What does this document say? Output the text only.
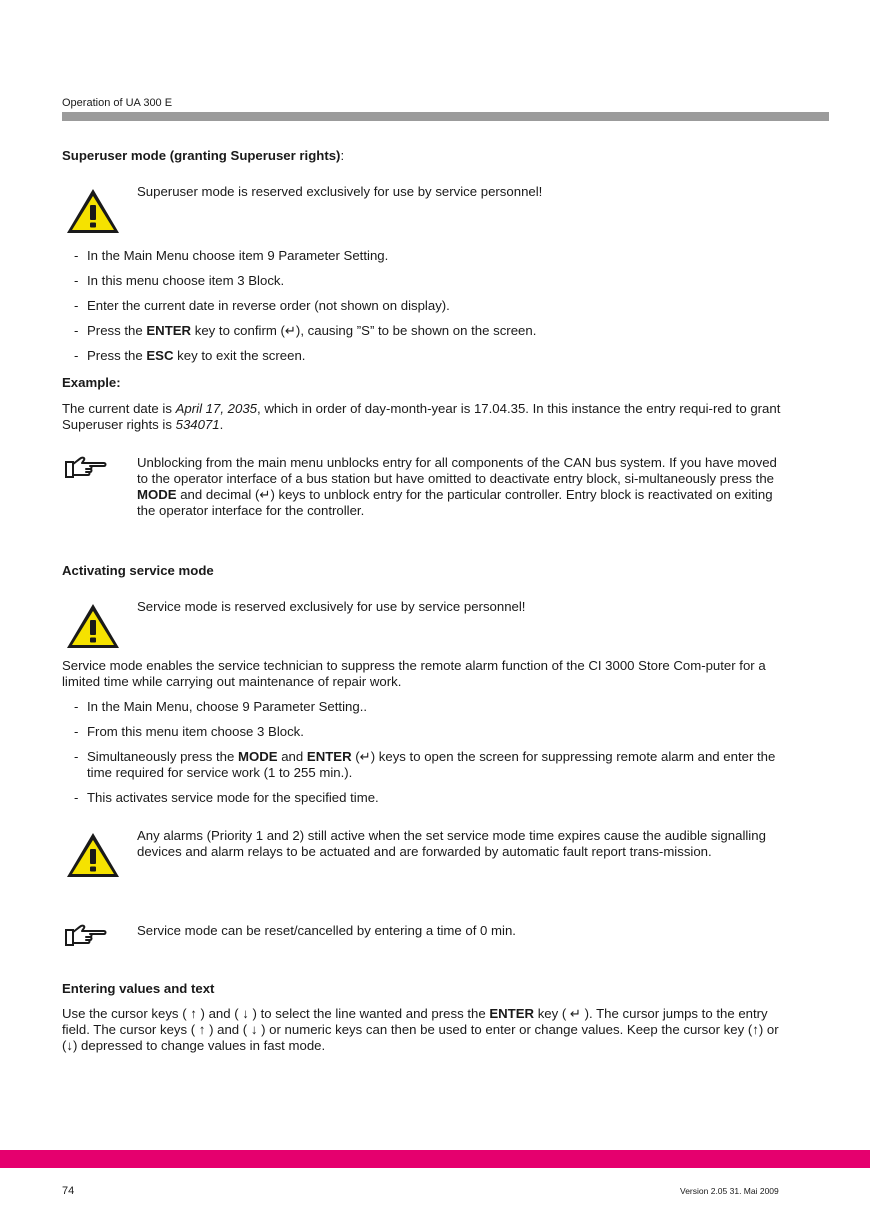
Operation of UA 300 E
Superuser mode (granting Superuser rights):
Superuser mode is reserved exclusively for use by service personnel!
- In the Main Menu choose item 9 Parameter Setting.
- In this menu choose item 3 Block.
- Enter the current date in reverse order (not shown on display).
- Press the ENTER key to confirm (↵), causing ”S” to be shown on the screen.
- Press the ESC key to exit the screen.
Example:
The current date is April 17, 2035, which in order of day-month-year is 17.04.35. In this instance the entry requi-red to grant Superuser rights is 534071.
Unblocking from the main menu unblocks entry for all components of the CAN bus system. If you have moved to the operator interface of a bus station but have omitted to deactivate entry block, si-multaneously press the MODE and decimal (↵) keys to unblock entry for the particular controller. Entry block is reactivated on exiting the operator interface for the controller.
Activating service mode
Service mode is reserved exclusively for use by service personnel!
Service mode enables the service technician to suppress the remote alarm function of the CI 3000 Store Com-puter for a limited time while carrying out maintenance of repair work.
- In the Main Menu, choose 9 Parameter Setting..
- From this menu item choose 3 Block.
- Simultaneously press the MODE and ENTER (↵) keys to open the screen for suppressing remote alarm and enter the time required for service work (1 to 255 min.).
- This activates service mode for the specified time.
Any alarms (Priority 1 and 2) still active when the set service mode time expires cause the audible signalling devices and alarm relays to be actuated and are forwarded by automatic fault report trans-mission.
Service mode can be reset/cancelled by entering a time of 0 min.
Entering values and text
Use the cursor keys ( ↑ ) and ( ↓ ) to select the line wanted and press the ENTER key ( ↵ ). The cursor jumps to the entry field. The cursor keys ( ↑ ) and ( ↓ ) or numeric keys can then be used to enter or change values. Keep the cursor key (↑) or (↓) depressed to change values in fast mode.
74	Version 2.05 31. Mai 2009
